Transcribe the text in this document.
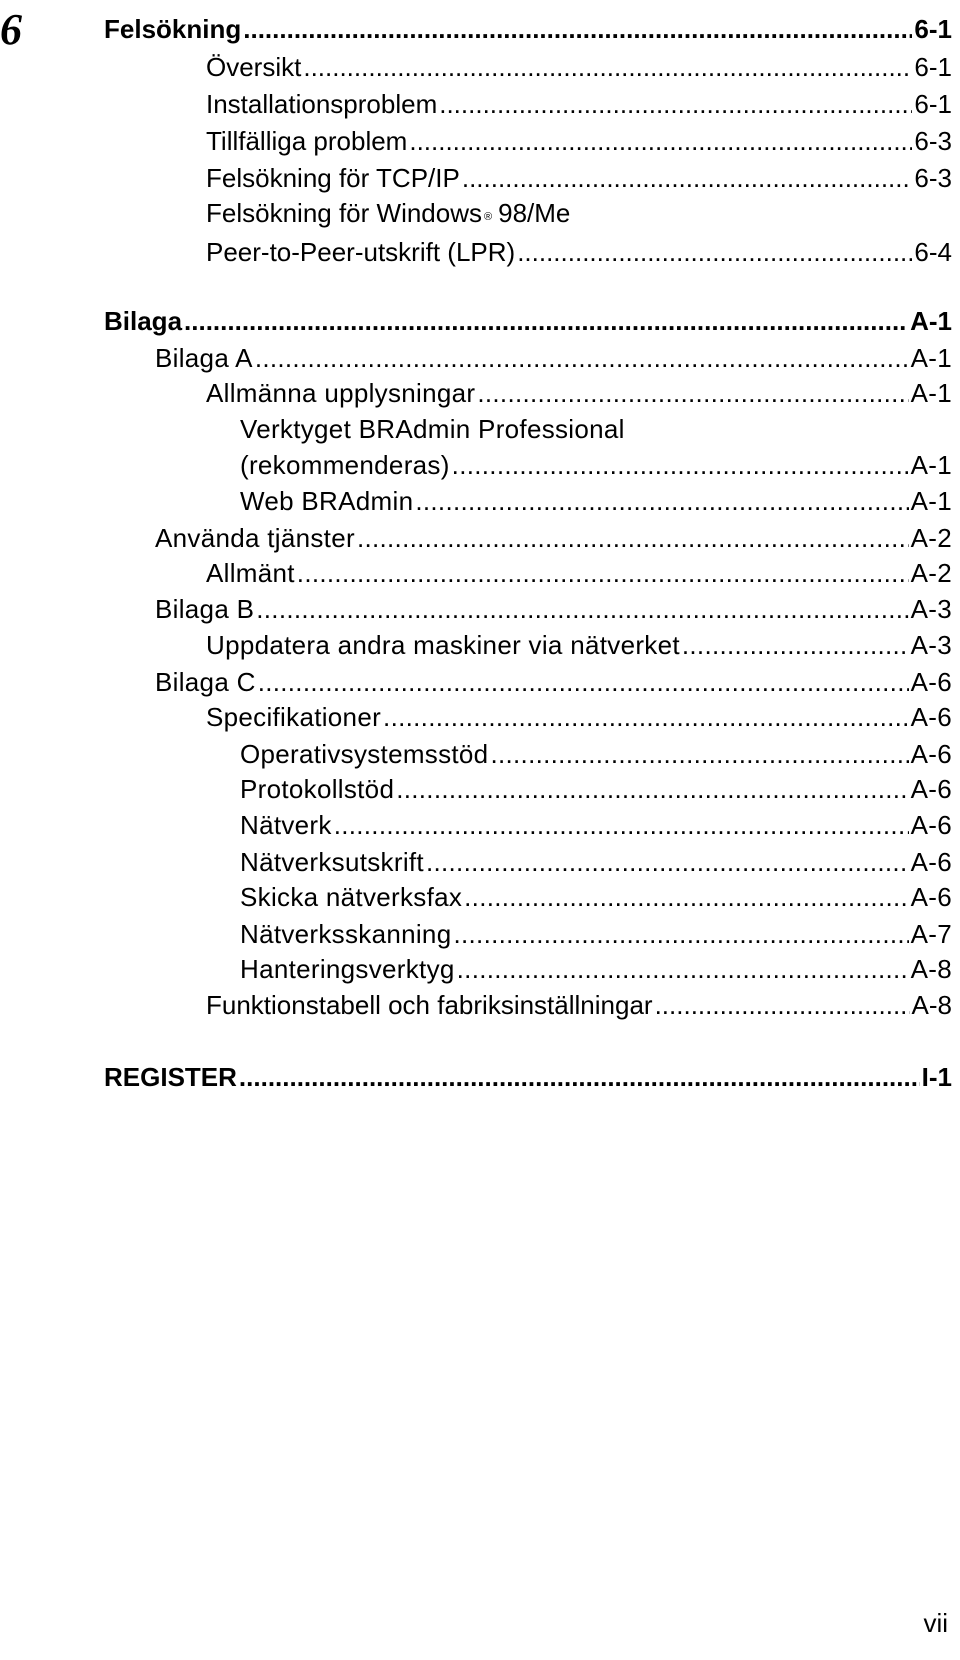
6	Felsökning .....	6-1
Översikt .....	6-1
Installationsproblem .....	6-1
Tillfälliga problem .....	6-3
Felsökning för TCP/IP .....	6-3
Felsökning för Windows ® 98/Me
Peer-to-Peer-utskrift (LPR) .....	6-4
Bilaga .....	A-1
Bilaga A .....	A-1
Allmänna upplysningar .....	A-1
Verktyget BRAdmin Professional
(rekommenderas) .....	A-1
Web BRAdmin .....	A-1
Använda tjänster .....	A-2
Allmänt .....	A-2
Bilaga B .....	A-3
Uppdatera andra maskiner via nätverket .....	A-3
Bilaga C .....	A-6
Specifikationer .....	A-6
Operativsystemsstöd .....	A-6
Protokollstöd .....	A-6
Nätverk .....	A-6
Nätverksutskrift .....	A-6
Skicka nätverksfax .....	A-6
Nätverksskanning .....	A-7
Hanteringsverktyg .....	A-8
Funktionstabell och fabriksinställningar .....	A-8
REGISTER .....	I-1
vii
